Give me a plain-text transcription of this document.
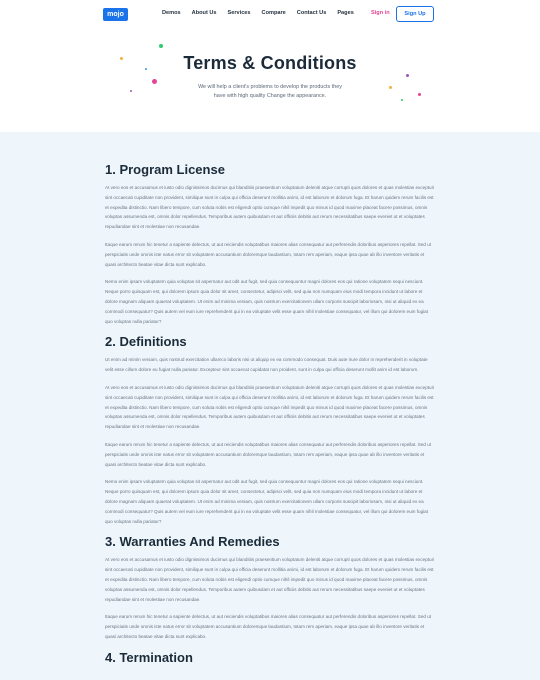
mojo	Demos About Us Services Compare Contact Us Pages	Sign in	Sign Up
Terms & Conditions

We will help a client's problems to develop the products they have with high quality Change the appearance.

1. Program License

At vero eos et accusamus et iusto odio dignissimos ducimus qui blanditiis praesentium voluptatum deleniti atque corrupti quos dolores et quas molestias excepturi sint occaecati cupiditate non provident, similique sunt in culpa qui officia deserunt mollitia animi, id est laborum et dolorum fuga. Et harum quidem rerum facilis est et expedita distinctio. Nam libero tempore, cum soluta nobis est eligendi optio cumque nihil impedit quo minus id quod maxime placeat facere possimus, omnis voluptas assumenda est, omnis dolor repellendus. Temporibus autem quibusdam et aut officiis debitis aut rerum necessitatibus saepe eveniet ut et voluptates repudiandae sint et molestiae non recusandae.

Itaque earum rerum hic tenetur a sapiente delectus, ut aut reiciendis voluptatibus maiores alias consequatur aut perferendis doloribus asperiores repellat. Sed ut perspiciatis unde omnis iste natus error sit voluptatem accusantium doloremque laudantium, totam rem aperiam, eaque ipsa quae ab illo inventore veritatis et quasi architecto beatae vitae dicta sunt explicabo.

Nemo enim ipsam voluptatem quia voluptas sit aspernatur aut odit aut fugit, sed quia consequuntur magni dolores eos qui ratione voluptatem sequi nesciunt. Neque porro quisquam est, qui dolorem ipsum quia dolor sit amet, consectetur, adipisci velit, sed quia non numquam eius modi tempora incidunt ut labore et dolore magnam aliquam quaerat voluptatem. Ut enim ad minima veniam, quis nostrum exercitationem ullam corporis suscipit laboriosam, nisi ut aliquid ex ea commodi consequatur? Quis autem vel eum iure reprehenderit qui in ea voluptate velit esse quam nihil molestiae consequatur, vel illum qui dolorem eum fugiat quo voluptas nulla pariatur?

2. Definitions

Ut enim ad minim veniam, quis nostrud exercitation ullamco laboris nisi ut aliquip ex ea commodo consequat. Duis aute irure dolor in reprehenderit in voluptate velit esse cillum dolore eu fugiat nulla pariatur. Excepteur sint occaecat cupidatat non proident, sunt in culpa qui officia deserunt mollit anim id est laborum.

At vero eos et accusamus et iusto odio dignissimos ducimus qui blanditiis praesentium voluptatum deleniti atque corrupti quos dolores et quas molestias excepturi sint occaecati cupiditate non provident, similique sunt in culpa qui officia deserunt mollitia animi, id est laborum et dolorum fuga. Et harum quidem rerum facilis est et expedita distinctio. Nam libero tempore, cum soluta nobis est eligendi optio cumque nihil impedit quo minus id quod maxime placeat facere possimus, omnis voluptas assumenda est, omnis dolor repellendus. Temporibus autem quibusdam et aut officiis debitis aut rerum necessitatibus saepe eveniet ut et voluptates repudiandae sint et molestiae non recusandae.

Itaque earum rerum hic tenetur a sapiente delectus, ut aut reiciendis voluptatibus maiores alias consequatur aut perferendis doloribus asperiores repellat. Sed ut perspiciatis unde omnis iste natus error sit voluptatem accusantium doloremque laudantium, totam rem aperiam, eaque ipsa quae ab illo inventore veritatis et quasi architecto beatae vitae dicta sunt explicabo.

Nemo enim ipsam voluptatem quia voluptas sit aspernatur aut odit aut fugit, sed quia consequuntur magni dolores eos qui ratione voluptatem sequi nesciunt. Neque porro quisquam est, qui dolorem ipsum quia dolor sit amet, consectetur, adipisci velit, sed quia non numquam eius modi tempora incidunt ut labore et dolore magnam aliquam quaerat voluptatem. Ut enim ad minima veniam, quis nostrum exercitationem ullam corporis suscipit laboriosam, nisi ut aliquid ex ea commodi consequatur? Quis autem vel eum iure reprehenderit qui in ea voluptate velit esse quam nihil molestiae consequatur, vel illum qui dolorem eum fugiat quo voluptas nulla pariatur?

3. Warranties And Remedies

At vero eos et accusamus et iusto odio dignissimos ducimus qui blanditiis praesentium voluptatum deleniti atque corrupti quos dolores et quas molestias excepturi sint occaecati cupiditate non provident, similique sunt in culpa qui officia deserunt mollitia animi, id est laborum et dolorum fuga. Et harum quidem rerum facilis est et expedita distinctio. Nam libero tempore, cum soluta nobis est eligendi optio cumque nihil impedit quo minus id quod maxime placeat facere possimus, omnis voluptas assumenda est, omnis dolor repellendus. Temporibus autem quibusdam et aut officiis debitis aut rerum necessitatibus saepe eveniet ut et voluptates repudiandae sint et molestiae non recusandae.

Itaque earum rerum hic tenetur a sapiente delectus, ut aut reiciendis voluptatibus maiores alias consequatur aut perferendis doloribus asperiores repellat. Sed ut perspiciatis unde omnis iste natus error sit voluptatem accusantium doloremque laudantium, totam rem aperiam, eaque ipsa quae ab illo inventore veritatis et quasi architecto beatae vitae dicta sunt explicabo.

4. Termination
